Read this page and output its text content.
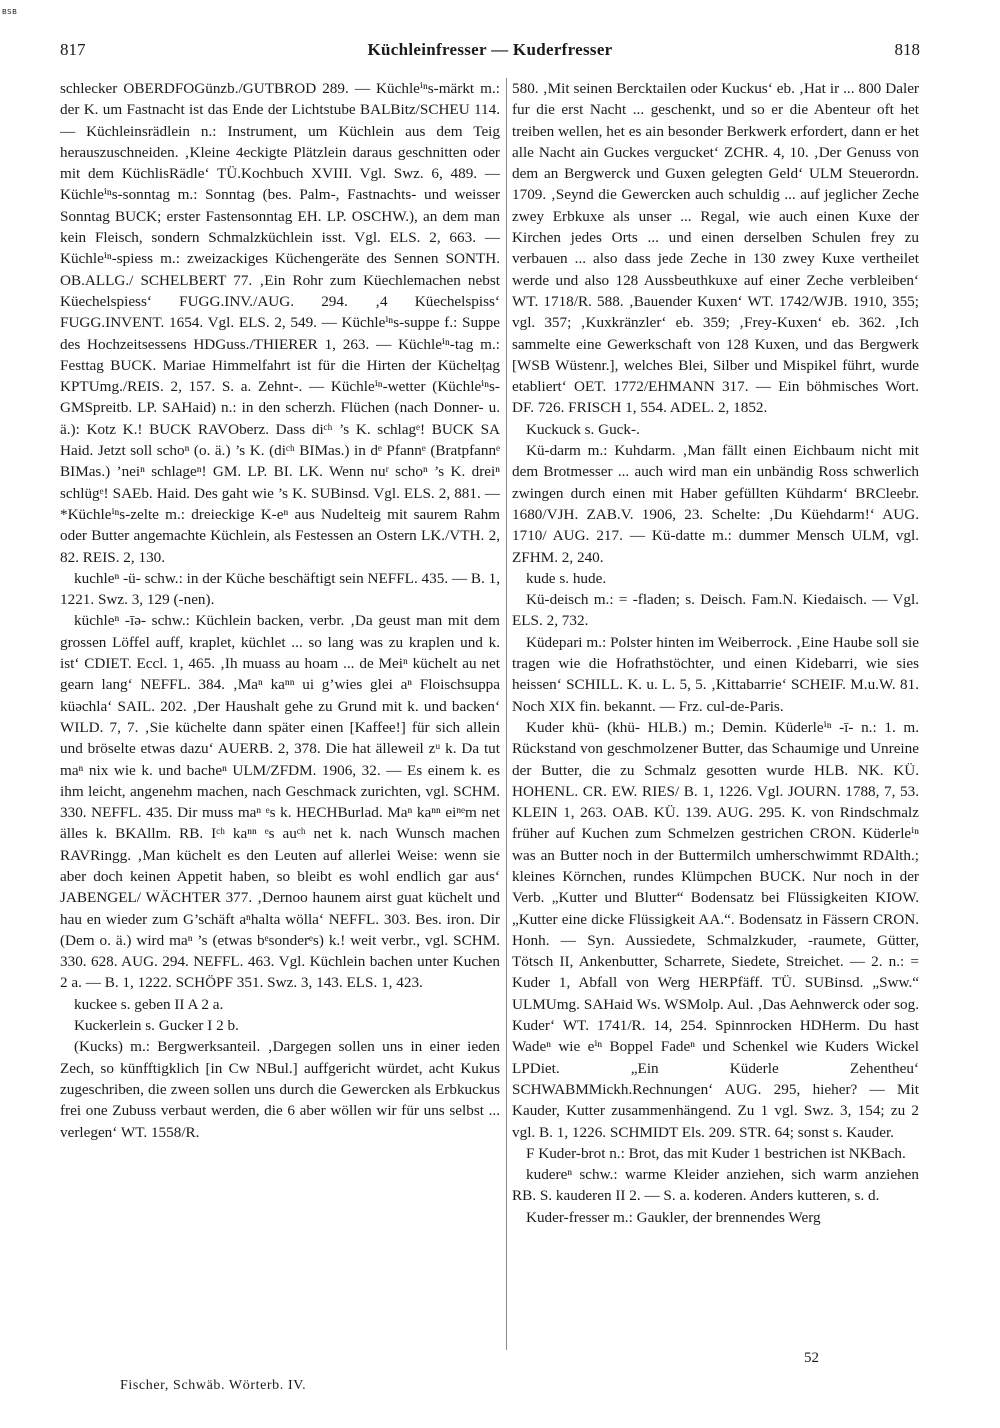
BSB
817	Küchleinfresser — Kuderfresser	818

schlecker OBERDFOGünzb./GUTBROD 289. — Küchleⁱⁿs-märkt m.: der K. um Fastnacht ist das Ende der Lichtstube BALBitz/SCHEU 114. — Küchleinsrädlein n.: Instrument, um Küchlein aus dem Teig herauszuschneiden. ‚Kleine 4eckigte Plätzlein daraus geschnitten oder mit dem KüchlisRädle‘ TÜ.Kochbuch XVIII. Vgl. Swz. 6, 489. — Küchleⁱⁿs-sonntag m.: Sonntag (bes. Palm-, Fastnachts- und weisser Sonntag BUCK; erster Fastensonntag EH. LP. OSCHW.), an dem man kein Fleisch, sondern Schmalzküchlein isst. Vgl. ELS. 2, 663. — Küchleⁱⁿ-spiess m.: zweizackiges Küchengeräte des Sennen SONTH. OB.ALLG./ SCHELBERT 77. ‚Ein Rohr zum Küechlemachen nebst Küechelspiess‘ FUGG.INV./AUG. 294. ‚4 Küechelspiss‘ FUGG.INVENT. 1654. Vgl. ELS. 2, 549. — Küchleⁱⁿs-suppe f.: Suppe des Hochzeitsessens HDGuss./THIERER 1, 263. — Küchleⁱⁿ-tag m.: Festtag BUCK. Mariae Himmelfahrt ist für die Hirten der Küchelțag KPTUmg./REIS. 2, 157. S. a. Zehnt-. — Küchleⁱⁿ-wetter (Küchleⁱⁿs- GMSpreitb. LP. SAHaid) n.: in den scherzh. Flüchen (nach Donner- u. ä.): Kotz K.! BUCK RAVOberz. Dass diᶜʰ ’s K. schlagᵉ! BUCK SA Haid. Jetzt soll schoⁿ (o. ä.) ’s K. (diᶜʰ BIMas.) in dᵉ Pfannᵉ (Bratpfannᵉ BIMas.) ’neiⁿ schlageⁿ! GM. LP. BI. LK. Wenn nuʳ schoⁿ ’s K. dreiⁿ schlügᵉ! SAEb. Haid. Des gaht wie ’s K. SUBinsd. Vgl. ELS. 2, 881. — *Küchleⁱⁿs-zelte m.: dreieckige K-eⁿ aus Nudelteig mit saurem Rahm oder Butter angemachte Küchlein, als Festessen an Ostern LK./VTH. 2, 82. REIS. 2, 130.

kuchleⁿ -ü- schw.: in der Küche beschäftigt sein NEFFL. 435. — B. 1, 1221. Swz. 3, 129 (-nen).

küchleⁿ -īə- schw.: Küchlein backen, verbr. ‚Da geust man mit dem grossen Löffel auff, kraplet, küchlet ... so lang was zu kraplen und k. ist‘ CDIET. Eccl. 1, 465. ‚Ih muass au hoam ... de Meiⁿ küchelt au net gearn lang‘ NEFFL. 384. ‚Maⁿ kaⁿⁿ ui g’wies glei aⁿ Floischsuppa küəchla‘ SAIL. 202. ‚Der Haushalt gehe zu Grund mit k. und backen‘ WILD. 7, 7. ‚Sie küchelte dann später einen [Kaffee!] für sich allein und bröselte etwas dazu‘ AUERB. 2, 378. Die hat älleweil zᵘ k. Da tut maⁿ nix wie k. und bacheⁿ ULM/ZFDM. 1906, 32. — Es einem k. es ihm leicht, angenehm machen, nach Geschmack zurichten, vgl. SCHM. 330. NEFFL. 435. Dir muss maⁿ ᵉs k. HECHBurlad. Maⁿ kaⁿⁿ eiⁿᵉm net älles k. BKAllm. RB. Iᶜʰ kaⁿⁿ ᵉs auᶜʰ net k. nach Wunsch machen RAVRingg. ‚Man küchelt es den Leuten auf allerlei Weise: wenn sie aber doch keinen Appetit haben, so bleibt es wohl endlich gar aus‘ JABENGEL/ WÄCHTER 377. ‚Dernoo haunem airst guat küchelt und hau en wieder zum G’schäft aⁿhalta wölla‘ NEFFL. 303. Bes. iron. Dir (Dem o. ä.) wird maⁿ ’s (etwas bᵉsonderᵉs) k.! weit verbr., vgl. SCHM. 330. 628. AUG. 294. NEFFL. 463. Vgl. Küchlein bachen unter Kuchen 2 a. — B. 1, 1222. SCHÖPF 351. Swz. 3, 143. ELS. 1, 423.

kuckee s. geben II A 2 a.

Kuckerlein s. Gucker I 2 b.

(Kucks) m.: Bergwerksanteil. ‚Dargegen sollen uns in einer ieden Zech, so künfftigklich [in Cw NBul.] auffgericht würdet, acht Kukus zugeschriben, die zween sollen uns durch die Gewercken als Erbkuckus frei one Zubuss verbaut werden, die 6 aber wöllen wir für uns selbst ... verlegen‘ WT. 1558/R.

580. ‚Mit seinen Bercktailen oder Kuckus‘ eb. ‚Hat ir ... 800 Daler fur die erst Nacht ... geschenkt, und so er die Abenteur oft het treiben wellen, het es ain besonder Berkwerk erfordert, dann er het alle Nacht ain Guckes vergucket‘ ZCHR. 4, 10. ‚Der Genuss von dem an Bergwerck und Guxen gelegten Geld‘ ULM Steuerordn. 1709. ‚Seynd die Gewercken auch schuldig ... auf jeglicher Zeche zwey Erbkuxe als unser ... Regal, wie auch einen Kuxe der Kirchen jedes Orts ... und einen derselben Schulen frey zu verbauen ... also dass jede Zeche in 130 zwey Kuxe vertheilet werde und also 128 Aussbeuthkuxe auf einer Zeche verbleiben‘ WT. 1718/R. 588. ‚Bauender Kuxen‘ WT. 1742/WJB. 1910, 355; vgl. 357; ‚Kuxkränzler‘ eb. 359; ‚Frey-Kuxen‘ eb. 362. ‚Ich sammelte eine Gewerkschaft von 128 Kuxen, und das Bergwerk [WSB Wüstenr.], welches Blei, Silber und Mispikel führt, wurde etabliert‘ OET. 1772/EHMANN 317. — Ein böhmisches Wort. DF. 726. FRISCH 1, 554. ADEL. 2, 1852.

Kuckuck s. Guck-.

Kü-darm m.: Kuhdarm. ‚Man fällt einen Eichbaum nicht mit dem Brotmesser ... auch wird man ein unbändig Ross schwerlich zwingen durch einen mit Haber gefüllten Kühdarm‘ BRCleebr. 1680/VJH. ZAB.V. 1906, 23. Schelte: ‚Du Küehdarm!‘ AUG. 1710/ AUG. 217. — Kü-datte m.: dummer Mensch ULM, vgl. ZFHM. 2, 240.

kude s. hude.

Kü-deisch m.: = -fladen; s. Deisch. Fam.N. Kiedaisch. — Vgl. ELS. 2, 732.

Küdepari m.: Polster hinten im Weiberrock. ‚Eine Haube soll sie tragen wie die Hofrathstöchter, und einen Kidebarri, wie sies heissen‘ SCHILL. K. u. L. 5, 5. ‚Kittabarrie‘ SCHEIF. M.u.W. 81. Noch XIX fin. bekannt. — Frz. cul-de-Paris.

Kuder khü- (khü- HLB.) m.; Demin. Küderleⁱⁿ -ī- n.: 1. m. Rückstand von geschmolzener Butter, das Schaumige und Unreine der Butter, die zu Schmalz gesotten wurde HLB. NK. KÜ. HOHENL. CR. EW. RIES/ B. 1, 1226. Vgl. JOURN. 1788, 7, 53. KLEIN 1, 263. OAB. KÜ. 139. AUG. 295. K. von Rindschmalz früher auf Kuchen zum Schmelzen gestrichen CRON. Küderleⁱⁿ was an Butter noch in der Buttermilch umherschwimmt RDAlth.; kleines Körnchen, rundes Klümpchen BUCK. Nur noch in der Verb. „Kutter und Blutter“ Bodensatz bei Flüssigkeiten KIOW. „Kutter eine dicke Flüssigkeit AA.“. Bodensatz in Fässern CRON. Honh. — Syn. Aussiedete, Schmalzkuder, -raumete, Gütter, Tötsch II, Ankenbutter, Scharrete, Siedete, Streichet. — 2. n.: = Kuder 1, Abfall von Werg HERPfäff. TÜ. SUBinsd. „Sww.“ ULMUmg. SAHaid Ws. WSMolp. Aul. ‚Das Aehnwerck oder sog. Kuder‘ WT. 1741/R. 14, 254. Spinnrocken HDHerm. Du hast Wadeⁿ wie eⁱⁿ Boppel Fadeⁿ und Schenkel wie Kuders Wickel LPDiet. „Ein Küderle Zehenthеu‘ SCHWABMMickh.Rechnungen‘ AUG. 295, hieher? — Mit Kauder, Kutter zusammenhängend. Zu 1 vgl. Swz. 3, 154; zu 2 vgl. B. 1, 1226. SCHMIDT Els. 209. STR. 64; sonst s. Kauder.

F Kuder-brot n.: Brot, das mit Kuder 1 bestrichen ist NKBach.

kudereⁿ schw.: warme Kleider anziehen, sich warm anziehen RB. S. kauderen II 2. — S. a. koderen. Anders kutteren, s. d.

Kuder-fresser m.: Gaukler, der brennendes Werg

52
Fischer, Schwäb. Wörterb. IV.
